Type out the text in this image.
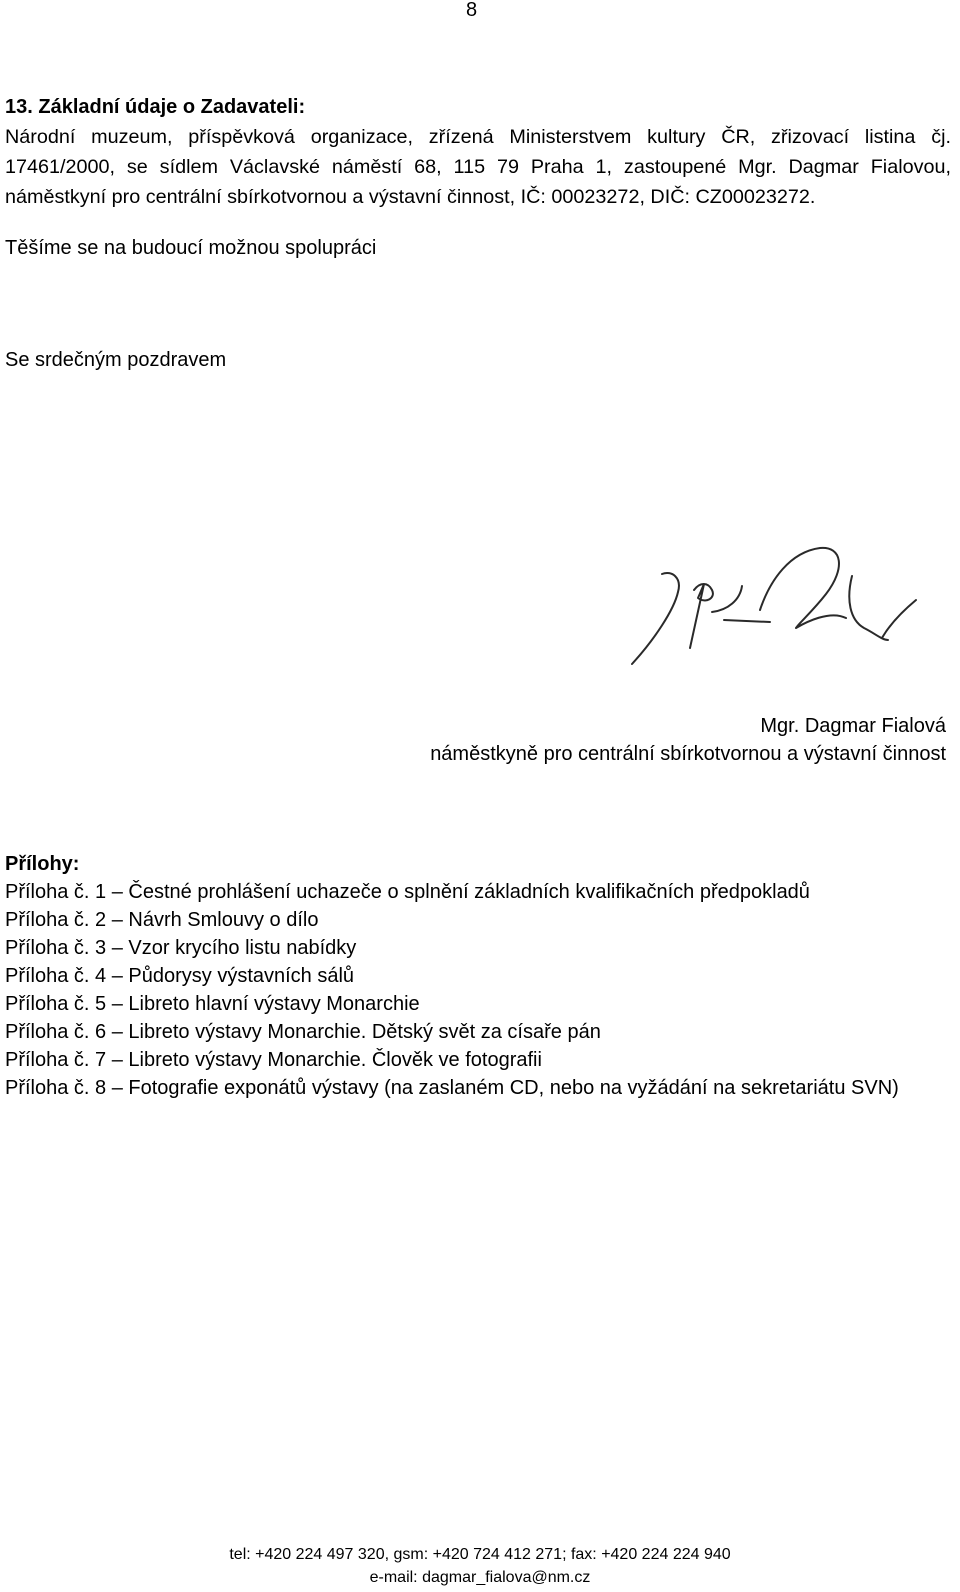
8
13. Základní údaje o Zadavateli:

Národní muzeum, příspěvková organizace, zřízená Ministerstvem kultury ČR, zřizovací listina čj.
17461/2000, se sídlem Václavské náměstí 68, 115 79 Praha 1, zastoupené Mgr. Dagmar Fialovou,
náměstkyní pro centrální sbírkotvornou a výstavní činnost, IČ: 00023272, DIČ: CZ00023272.

Těšíme se na budoucí možnou spolupráci

Se srdečným pozdravem

Mgr. Dagmar Fialová

náměstkyně pro centrální sbírkotvornou a výstavní činnost

Přílohy:
Příloha č. 1 – Čestné prohlášení uchazeče o splnění základních kvalifikačních předpokladů
Příloha č. 2 – Návrh Smlouvy o dílo
Příloha č. 3 – Vzor krycího listu nabídky
Příloha č. 4 – Půdorysy výstavních sálů
Příloha č. 5 – Libreto hlavní výstavy Monarchie
Příloha č. 6 – Libreto výstavy Monarchie. Dětský svět za císaře pán
Příloha č. 7 – Libreto výstavy Monarchie. Člověk ve fotografii
Příloha č. 8 – Fotografie exponátů výstavy (na zaslaném CD, nebo na vyžádání na sekretariátu SVN)

tel: +420 224 497 320, gsm: +420 724 412 271; fax: +420 224 224 940

e-mail: dagmar_fialova@nm.cz
